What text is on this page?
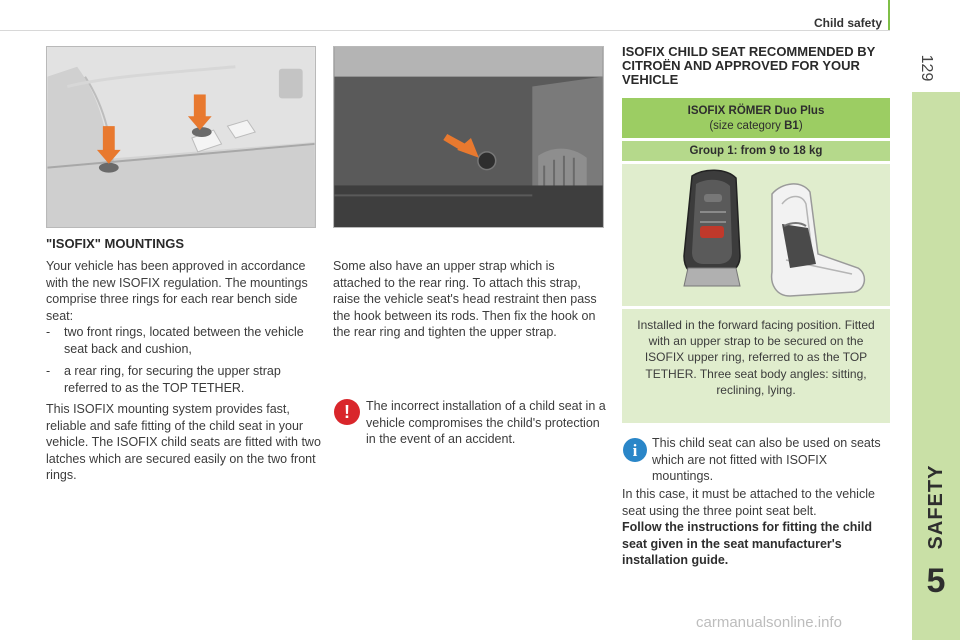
Child safety
129
SAFETY
5
"ISOFIX" MOUNTINGS
Your vehicle has been approved in accordance with the new ISOFIX regulation. The mountings comprise three rings for each rear bench side seat:
-	two front rings, located between the vehicle seat back and cushion,
-	a rear ring, for securing the upper strap referred to as the TOP TETHER.
This ISOFIX mounting system provides fast, reliable and safe fitting of the child seat in your vehicle. The ISOFIX child seats are fitted with two latches which are secured easily on the two front rings.
Some also have an upper strap which is attached to the rear ring. To attach this strap, raise the vehicle seat's head restraint then pass the hook between its rods. Then fix the hook on the rear ring and tighten the upper strap.
! The incorrect installation of a child seat in a vehicle compromises the child's protection in the event of an accident.
ISOFIX CHILD SEAT RECOMMENDED BY CITROËN AND APPROVED FOR YOUR VEHICLE
ISOFIX RÖMER Duo Plus
(size category B1)
Group 1: from 9 to 18 kg
Installed in the forward facing position. Fitted with an upper strap to be secured on the ISOFIX upper ring, referred to as the TOP TETHER. Three seat body angles: sitting, reclining, lying.
i This child seat can also be used on seats which are not fitted with ISOFIX mountings.
In this case, it must be attached to the vehicle seat using the three point seat belt.
Follow the instructions for fitting the child seat given in the seat manufacturer's installation guide.
carmanualsonline.info
